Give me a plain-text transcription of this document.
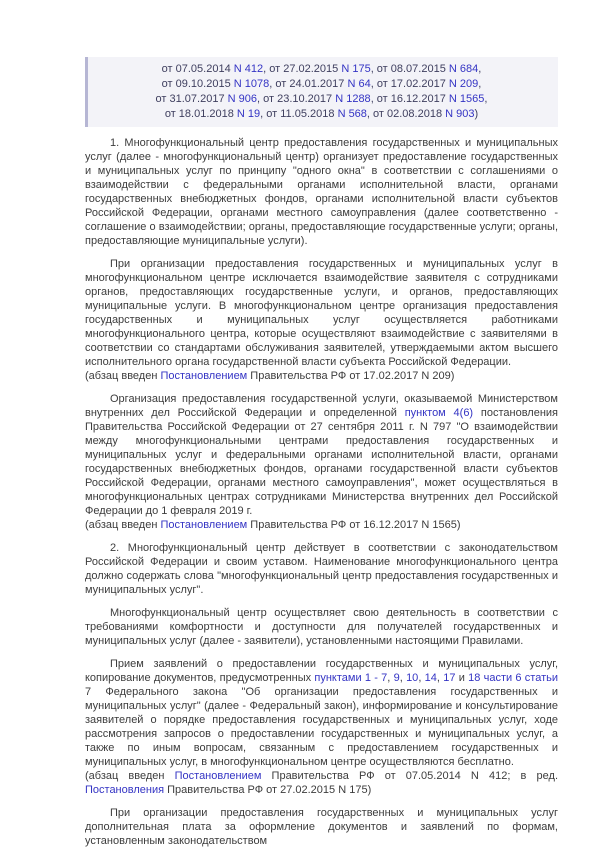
от 07.05.2014 N 412, от 27.02.2015 N 175, от 08.07.2015 N 684,
от 09.10.2015 N 1078, от 24.01.2017 N 64, от 17.02.2017 N 209,
от 31.07.2017 N 906, от 23.10.2017 N 1288, от 16.12.2017 N 1565,
от 18.01.2018 N 19, от 11.05.2018 N 568, от 02.08.2018 N 903)

1. Многофункциональный центр предоставления государственных и муниципальных услуг (далее - многофункциональный центр) организует предоставление государственных и муниципальных услуг по принципу "одного окна" в соответствии с соглашениями о взаимодействии с федеральными органами исполнительной власти, органами государственных внебюджетных фондов, органами исполнительной власти субъектов Российской Федерации, органами местного самоуправления (далее соответственно - соглашение о взаимодействии; органы, предоставляющие государственные услуги; органы, предоставляющие муниципальные услуги).

При организации предоставления государственных и муниципальных услуг в многофункциональном центре исключается взаимодействие заявителя с сотрудниками органов, предоставляющих государственные услуги, и органов, предоставляющих муниципальные услуги. В многофункциональном центре организация предоставления государственных и муниципальных услуг осуществляется работниками многофункционального центра, которые осуществляют взаимодействие с заявителями в соответствии со стандартами обслуживания заявителей, утверждаемыми актом высшего исполнительного органа государственной власти субъекта Российской Федерации.

(абзац введен Постановлением Правительства РФ от 17.02.2017 N 209)

Организация предоставления государственной услуги, оказываемой Министерством внутренних дел Российской Федерации и определенной пунктом 4(6) постановления Правительства Российской Федерации от 27 сентября 2011 г. N 797 "О взаимодействии между многофункциональными центрами предоставления государственных и муниципальных услуг и федеральными органами исполнительной власти, органами государственных внебюджетных фондов, органами государственной власти субъектов Российской Федерации, органами местного самоуправления", может осуществляться в многофункциональных центрах сотрудниками Министерства внутренних дел Российской Федерации до 1 февраля 2019 г.

(абзац введен Постановлением Правительства РФ от 16.12.2017 N 1565)

2. Многофункциональный центр действует в соответствии с законодательством Российской Федерации и своим уставом. Наименование многофункционального центра должно содержать слова "многофункциональный центр предоставления государственных и муниципальных услуг".

Многофункциональный центр осуществляет свою деятельность в соответствии с требованиями комфортности и доступности для получателей государственных и муниципальных услуг (далее - заявители), установленными настоящими Правилами.

Прием заявлений о предоставлении государственных и муниципальных услуг, копирование документов, предусмотренных пунктами 1 - 7, 9, 10, 14, 17 и 18 части 6 статьи 7 Федерального закона "Об организации предоставления государственных и муниципальных услуг" (далее - Федеральный закон), информирование и консультирование заявителей о порядке предоставления государственных и муниципальных услуг, ходе рассмотрения запросов о предоставлении государственных и муниципальных услуг, а также по иным вопросам, связанным с предоставлением государственных и муниципальных услуг, в многофункциональном центре осуществляются бесплатно.

(абзац введен Постановлением Правительства РФ от 07.05.2014 N 412; в ред. Постановления Правительства РФ от 27.02.2015 N 175)

При организации предоставления государственных и муниципальных услуг дополнительная плата за оформление документов и заявлений по формам, установленным законодательством
